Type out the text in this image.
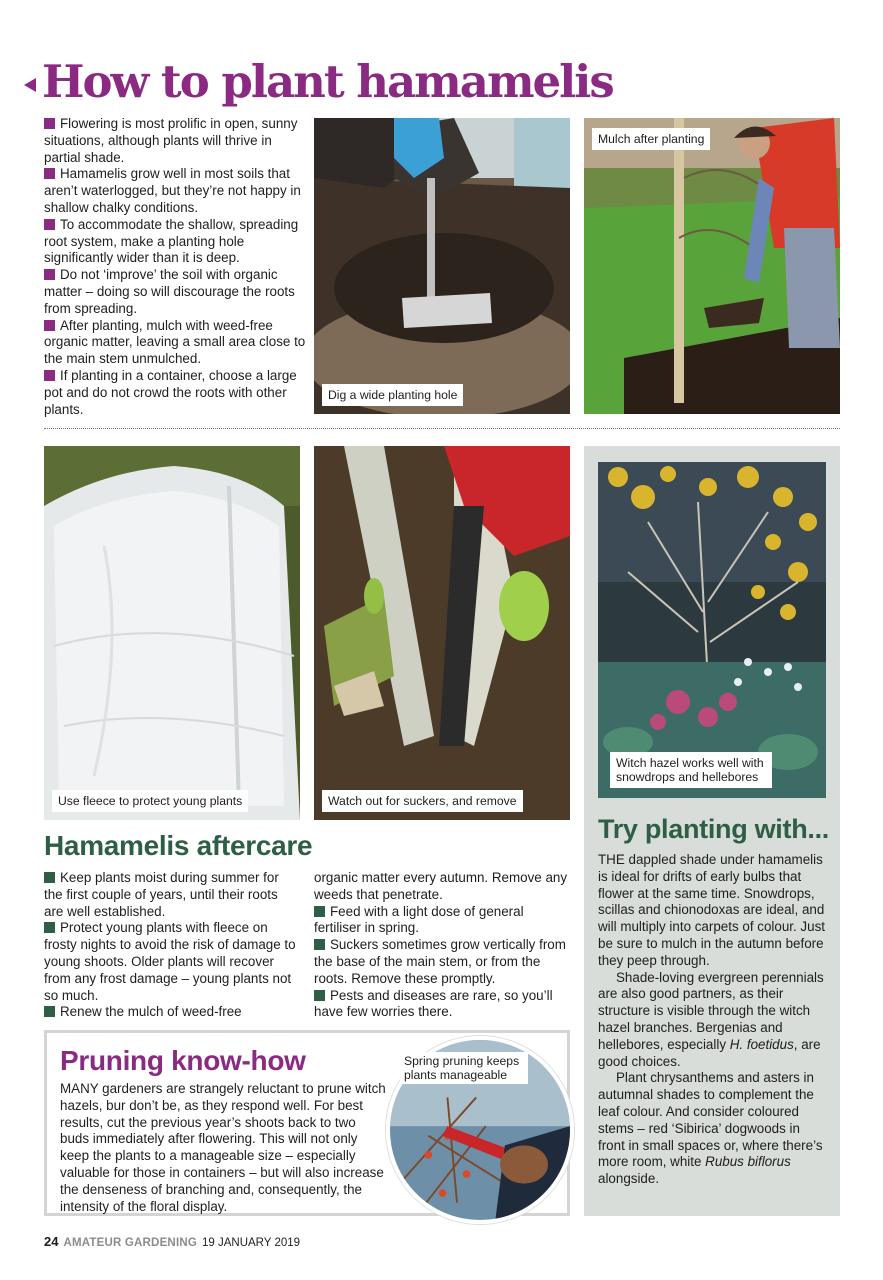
How to plant hamamelis

Flowering is most prolific in open, sunny situations, although plants will thrive in partial shade.

Hamamelis grow well in most soils that aren’t waterlogged, but they’re not happy in shallow chalky conditions.

To accommodate the shallow, spreading root system, make a planting hole significantly wider than it is deep.

Do not ‘improve’ the soil with organic matter – doing so will discourage the roots from spreading.

After planting, mulch with weed-free organic matter, leaving a small area close to the main stem unmulched.

If planting in a container, choose a large pot and do not crowd the roots with other plants.

Dig a wide planting hole
Mulch after planting
Use fleece to protect young plants	Watch out for suckers, and remove
Witch hazel works well with snowdrops and hellebores
Try planting with...

THE dappled shade under hamamelis is ideal for drifts of early bulbs that flower at the same time. Snowdrops, scillas and chionodoxas are ideal, and will multiply into carpets of colour. Just be sure to mulch in the autumn before they peep through.

Shade-loving evergreen perennials are also good partners, as their structure is visible through the witch hazel branches. Bergenias and hellebores, especially H. foetidus, are good choices.

Plant chrysanthems and asters in autumnal shades to complement the leaf colour. And consider coloured stems – red ‘Sibirica’ dogwoods in front in small spaces or, where there’s more room, white Rubus biflorus alongside.

Hamamelis aftercare

Keep plants moist during summer for the first couple of years, until their roots are well established.

Protect young plants with fleece on frosty nights to avoid the risk of damage to young shoots. Older plants will recover from any frost damage – young plants not so much.

Renew the mulch of weed-free

organic matter every autumn. Remove any weeds that penetrate.

Feed with a light dose of general fertiliser in spring.

Suckers sometimes grow vertically from the base of the main stem, or from the roots. Remove these promptly.

Pests and diseases are rare, so you’ll have few worries there.

Pruning know-how
MANY gardeners are strangely reluctant to prune witch hazels, bur don’t be, as they respond well. For best results, cut the previous year’s shoots back to two buds immediately after flowering. This will not only keep the plants to a manageable size – especially valuable for those in containers – but will also increase the denseness of branching and, consequently, the intensity of the floral display.
Spring pruning keeps plants manageable
24 AMATEUR GARDENING 19 JANUARY 2019
